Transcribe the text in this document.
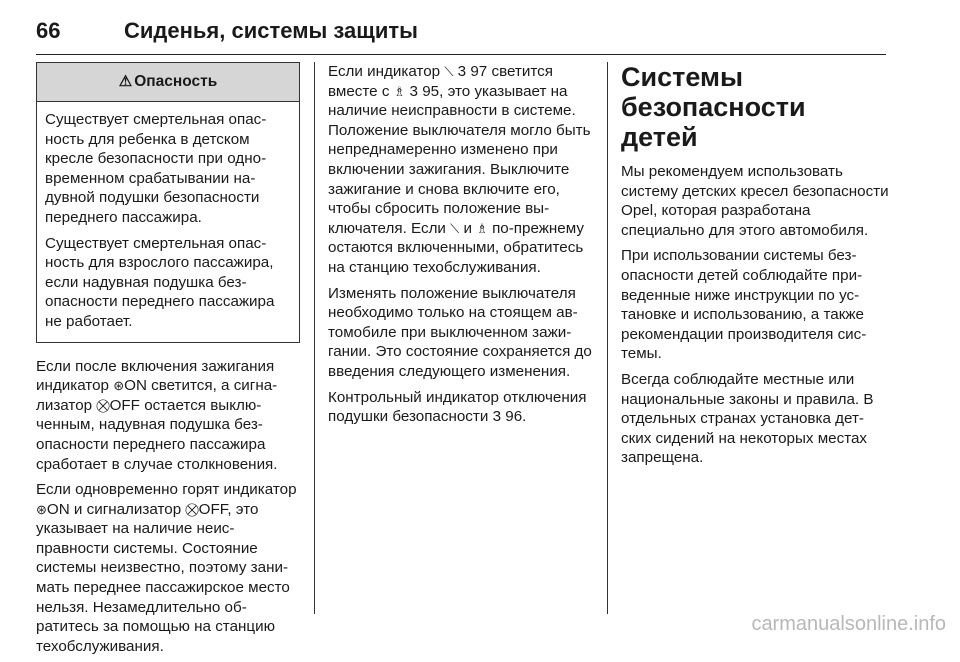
66	Сиденья, системы защиты
⚠ Опасность

Существует смертельная опасность для ребенка в детском кресле безопасности при одновременном срабатывании надувной подушки безопасности переднего пассажира.

Существует смертельная опасность для взрослого пассажира, если надувная подушка безопасности переднего пассажира не работает.

Если после включения зажигания индикатор ⊛ON светится, а сигнализатор ⛒OFF остается выключенным, надувная подушка безопасности переднего пассажира сработает в случае столкновения.

Если одновременно горят индикатор ⊛ON и сигнализатор ⛒OFF, это указывает на наличие неисправности системы. Состояние системы неизвестно, поэтому занимать переднее пассажирское место нельзя. Незамедлительно обратитесь за помощью на станцию техобслуживания.

Если индикатор ⟍ 3 97 светится вместе с ♗ 3 95, это указывает на наличие неисправности в системе. Положение выключателя могло быть непреднамеренно изменено при включении зажигания. Выключите зажигание и снова включите его, чтобы сбросить положение выключателя. Если ⟍ и ♗ по-прежнему остаются включенными, обратитесь на станцию техобслуживания.

Изменять положение выключателя необходимо только на стоящем автомобиле при выключенном зажигании. Это состояние сохраняется до введения следующего изменения.

Контрольный индикатор отключения подушки безопасности 3 96.

Системы безопасности детей

Мы рекомендуем использовать систему детских кресел безопасности Opel, которая разработана специально для этого автомобиля.

При использовании системы безопасности детей соблюдайте приведенные ниже инструкции по установке и использованию, а также рекомендации производителя системы.

Всегда соблюдайте местные или национальные законы и правила. В отдельных странах установка детских сидений на некоторых местах запрещена.

carmanualsonline.info
